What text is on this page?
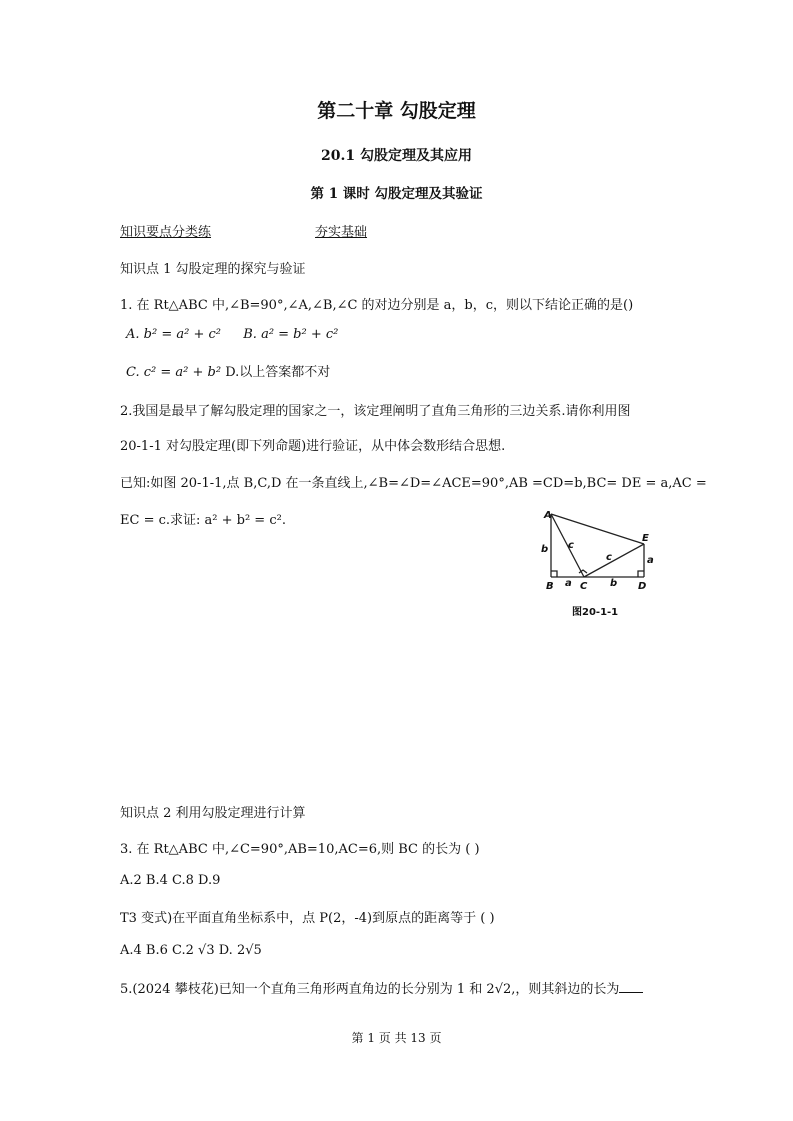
第二十章 勾股定理
20.1 勾股定理及其应用
第 1 课时 勾股定理及其验证
知识要点分类练	夯实基础
知识点 1 勾股定理的探究与验证
1. 在 Rt△ABC 中,∠B=90°,∠A,∠B,∠C 的对边分别是 a，b，c，则以下结论正确的是()
A. b² = a² + c² B. a² = b² + c²
C. c² = a² + b² D.以上答案都不对
2.我国是最早了解勾股定理的国家之一，该定理阐明了直角三角形的三边关系.请你利用图
20-1-1 对勾股定理(即下列命题)进行验证，从中体会数形结合思想.
已知:如图 20-1-1,点 B,C,D 在一条直线上,∠B=∠D=∠ACE=90°,AB =CD=b,BC= DE = a,AC =
EC = c.求证: a² + b² = c².	A
B	C	D
E
a
a
b
b
c
c
图20-1-1
知识点 2 利用勾股定理进行计算
3. 在 Rt△ABC 中,∠C=90°,AB=10,AC=6,则 BC 的长为 ( )
A.2 B.4 C.8 D.9
T3 变式)在平面直角坐标系中，点 P(2，-4)到原点的距离等于 ( )
A.4 B.6 C.2 √3 D. 2√5
5.(2024 攀枝花)已知一个直角三角形两直角边的长分别为 1 和 2√2,，则其斜边的长为
第 1 页 共 13 页
